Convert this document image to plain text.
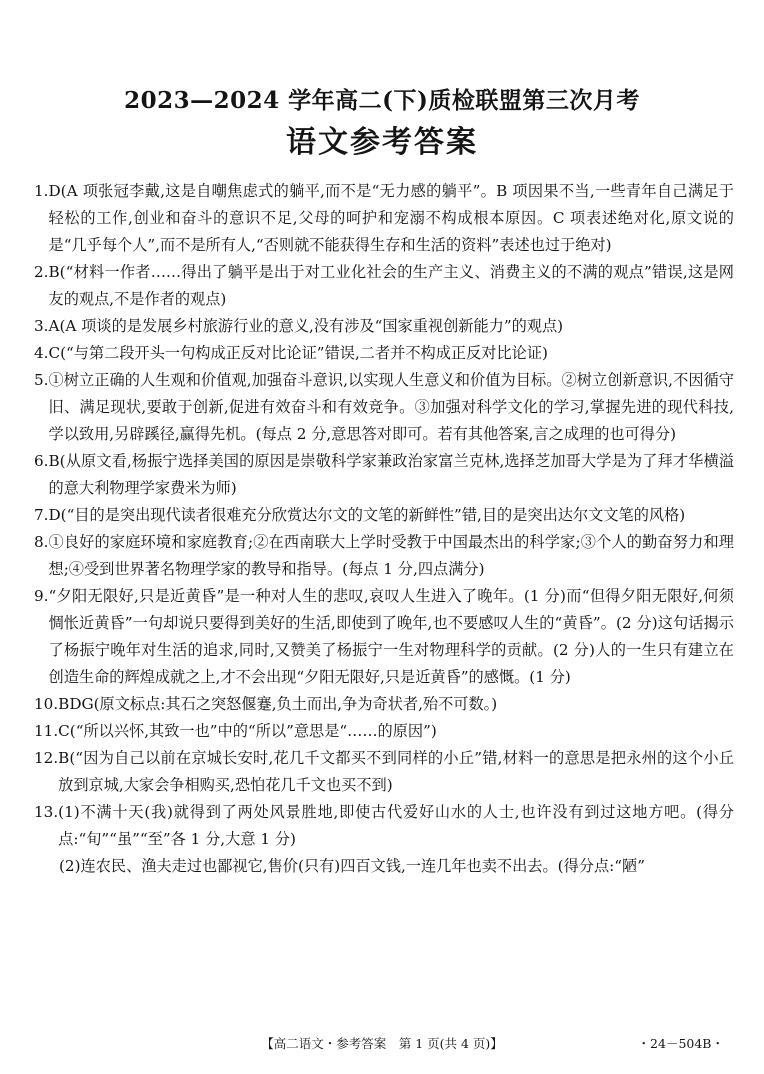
2023—2024 学年高二(下)质检联盟第三次月考
语文参考答案
1. D(A 项张冠李戴,这是自嘲焦虑式的躺平,而不是“无力感的躺平”。B 项因果不当,一些青年自己满足于轻松的工作,创业和奋斗的意识不足,父母的呵护和宠溺不构成根本原因。C 项表述绝对化,原文说的是“几乎每个人”,而不是所有人,“否则就不能获得生存和生活的资料”表述也过于绝对)
2. B(“材料一作者……得出了躺平是出于对工业化社会的生产主义、消费主义的不满的观点”错误,这是网友的观点,不是作者的观点)
3. A(A 项谈的是发展乡村旅游行业的意义,没有涉及“国家重视创新能力”的观点)
4. C(“与第二段开头一句构成正反对比论证”错误,二者并不构成正反对比论证)
5. ①树立正确的人生观和价值观,加强奋斗意识,以实现人生意义和价值为目标。②树立创新意识,不因循守旧、满足现状,要敢于创新,促进有效奋斗和有效竞争。③加强对科学文化的学习,掌握先进的现代科技,学以致用,另辟蹊径,赢得先机。(每点 2 分,意思答对即可。若有其他答案,言之成理的也可得分)
6. B(从原文看,杨振宁选择美国的原因是崇敬科学家兼政治家富兰克林,选择芝加哥大学是为了拜才华横溢的意大利物理学家费米为师)
7. D(“目的是突出现代读者很难充分欣赏达尔文的文笔的新鲜性”错,目的是突出达尔文文笔的风格)
8. ①良好的家庭环境和家庭教育;②在西南联大上学时受教于中国最杰出的科学家;③个人的勤奋努力和理想;④受到世界著名物理学家的教导和指导。(每点 1 分,四点满分)
9. “夕阳无限好,只是近黄昏”是一种对人生的悲叹,哀叹人生进入了晚年。(1 分)而“但得夕阳无限好,何须惆怅近黄昏”一句却说只要得到美好的生活,即使到了晚年,也不要感叹人生的“黄昏”。(2 分)这句话揭示了杨振宁晚年对生活的追求,同时,又赞美了杨振宁一生对物理科学的贡献。(2 分)人的一生只有建立在创造生命的辉煌成就之上,才不会出现“夕阳无限好,只是近黄昏”的感慨。(1 分)
10. BDG(原文标点:其石之突怒偃蹇,负土而出,争为奇状者,殆不可数。)
11. C(“所以兴怀,其致一也”中的“所以”意思是“……的原因”)
12. B(“因为自己以前在京城长安时,花几千文都买不到同样的小丘”错,材料一的意思是把永州的这个小丘放到京城,大家会争相购买,恐怕花几千文也买不到)
13. (1)不满十天(我)就得到了两处风景胜地,即使古代爱好山水的人士,也许没有到过这地方吧。(得分点:“旬”“虽”“至”各 1 分,大意 1 分)
(2)连农民、渔夫走过也鄙视它,售价(只有)四百文钱,一连几年也卖不出去。(得分点:“陋”
【高二语文・参考答案　第 1 页(共 4 页)】	・24－504B・
